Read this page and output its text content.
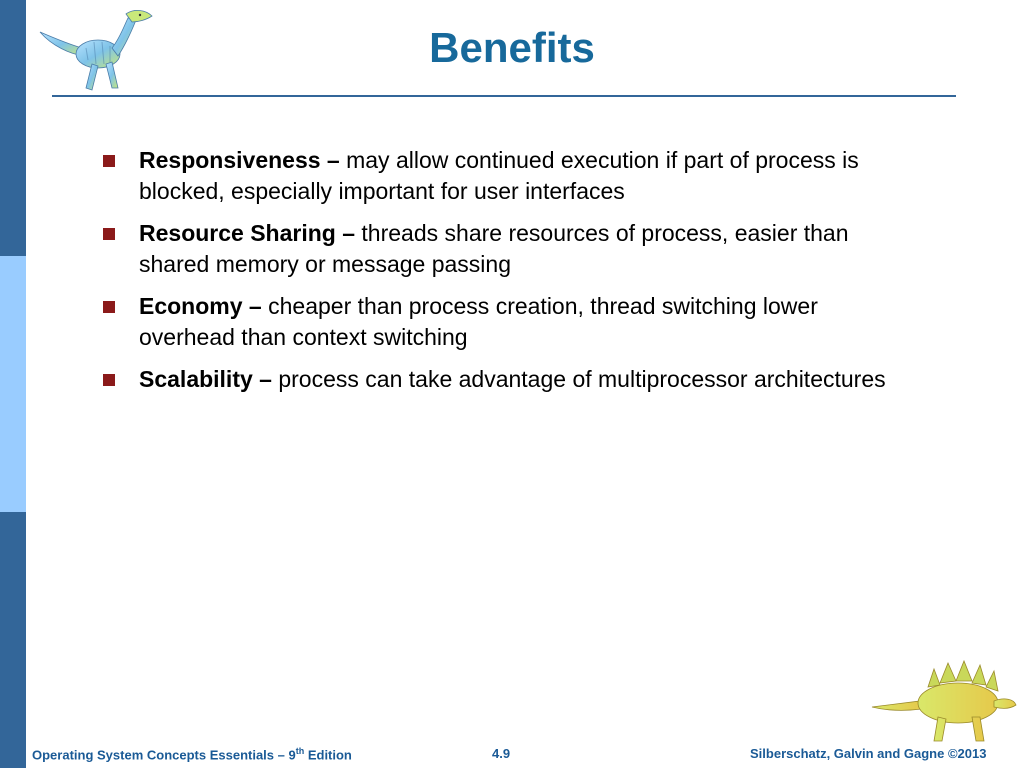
Benefits
Responsiveness – may allow continued execution if part of process is blocked, especially important for user interfaces
Resource Sharing – threads share resources of process, easier than shared memory or message passing
Economy – cheaper than process creation, thread switching lower overhead than context switching
Scalability – process can take advantage of multiprocessor architectures
Operating System Concepts Essentials – 9th Edition	4.9	Silberschatz, Galvin and Gagne ©2013
